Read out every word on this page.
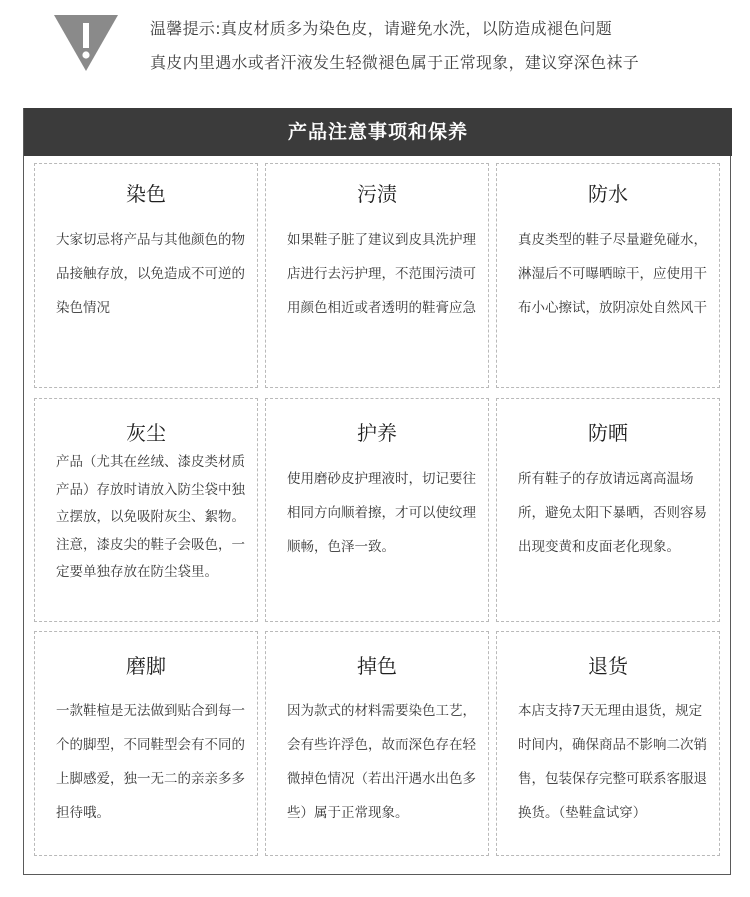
温馨提示:真皮材质多为染色皮，请避免水洗，以防造成褪色问题
真皮内里遇水或者汗液发生轻微褪色属于正常现象，建议穿深色袜子
产品注意事项和保养
染色
大家切忌将产品与其他颜色的物品接触存放，以免造成不可逆的染色情况
污渍
如果鞋子脏了建议到皮具洗护理店进行去污护理，不范围污渍可用颜色相近或者透明的鞋膏应急
防水
真皮类型的鞋子尽量避免碰水，淋湿后不可曝晒晾干，应使用干布小心擦试，放阴凉处自然风干
灰尘
产品（尤其在丝绒、漆皮类材质产品）存放时请放入防尘袋中独立摆放，以免吸附灰尘、絮物。注意，漆皮尖的鞋子会吸色，一定要单独存放在防尘袋里。
护养
使用磨砂皮护理液时，切记要往相同方向顺着擦，才可以使纹理顺畅，色泽一致。
防晒
所有鞋子的存放请远离高温场所，避免太阳下暴晒，否则容易出现变黄和皮面老化现象。
磨脚
一款鞋楦是无法做到贴合到每一个的脚型，不同鞋型会有不同的上脚感爱，独一无二的亲亲多多担待哦。
掉色
因为款式的材料需要染色工艺，会有些许浮色，故而深色存在轻微掉色情况（若出汗遇水出色多些）属于正常现象。
退货
本店支持7天无理由退货，规定时间内，确保商品不影响二次销售，包装保存完整可联系客服退换货。（垫鞋盒试穿）
